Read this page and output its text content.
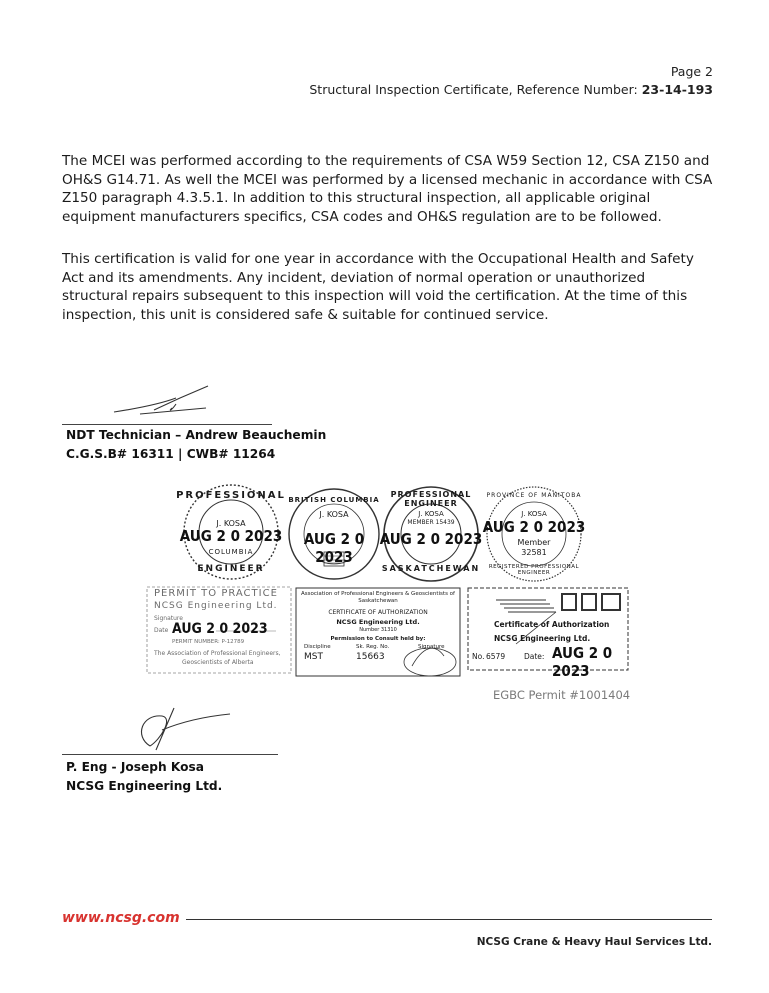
Page 2
Structural Inspection Certificate, Reference Number: 23-14-193
The MCEI was performed according to the requirements of CSA W59 Section 12, CSA Z150 and OH&S G14.71. As well the MCEI was performed by a licensed mechanic in accordance with CSA Z150 paragraph 4.3.5.1. In addition to this structural inspection, all applicable original equipment manufacturers specifics, CSA codes and OH&S regulation are to be followed.
This certification is valid for one year in accordance with the Occupational Health and Safety Act and its amendments. Any incident, deviation of normal operation or unauthorized structural repairs subsequent to this inspection will void the certification. At the time of this inspection, this unit is considered safe & suitable for continued service.
NDT Technician – Andrew Beauchemin
C.G.S.B# 16311 | CWB# 11264
PROFESSIONAL
J. KOSA
AUG 2 0 2023
COLUMBIA
ENGINEER
BRITISH COLUMBIA
J. KOSA
AUG 2 0 2023
PROFESSIONAL ENGINEER
J. KOSA
MEMBER 15439
AUG 2 0 2023
SASKATCHEWAN
PROVINCE OF MANITOBA
J. KOSA
AUG 2 0 2023
Member
32581
REGISTERED PROFESSIONAL ENGINEER
PERMIT TO PRACTICE
NCSG Engineering Ltd.
Signature
Date AUG 2 0 2023
PERMIT NUMBER: P-12789
The Association of Professional Engineers,
Geoscientists of Alberta
Association of Professional Engineers & Geoscientists of Saskatchewan
CERTIFICATE OF AUTHORIZATION
NCSG Engineering Ltd.
Number 31310
Permission to Consult held by:
Discipline	Sk. Reg. No.	Signature
MST	15663
Certificate of Authorization
NCSG Engineering Ltd.
No. 6579	Date: AUG 2 0 2023
EGBC Permit #1001404
P. Eng - Joseph Kosa
NCSG Engineering Ltd.
www.ncsg.com
NCSG Crane & Heavy Haul Services Ltd.
